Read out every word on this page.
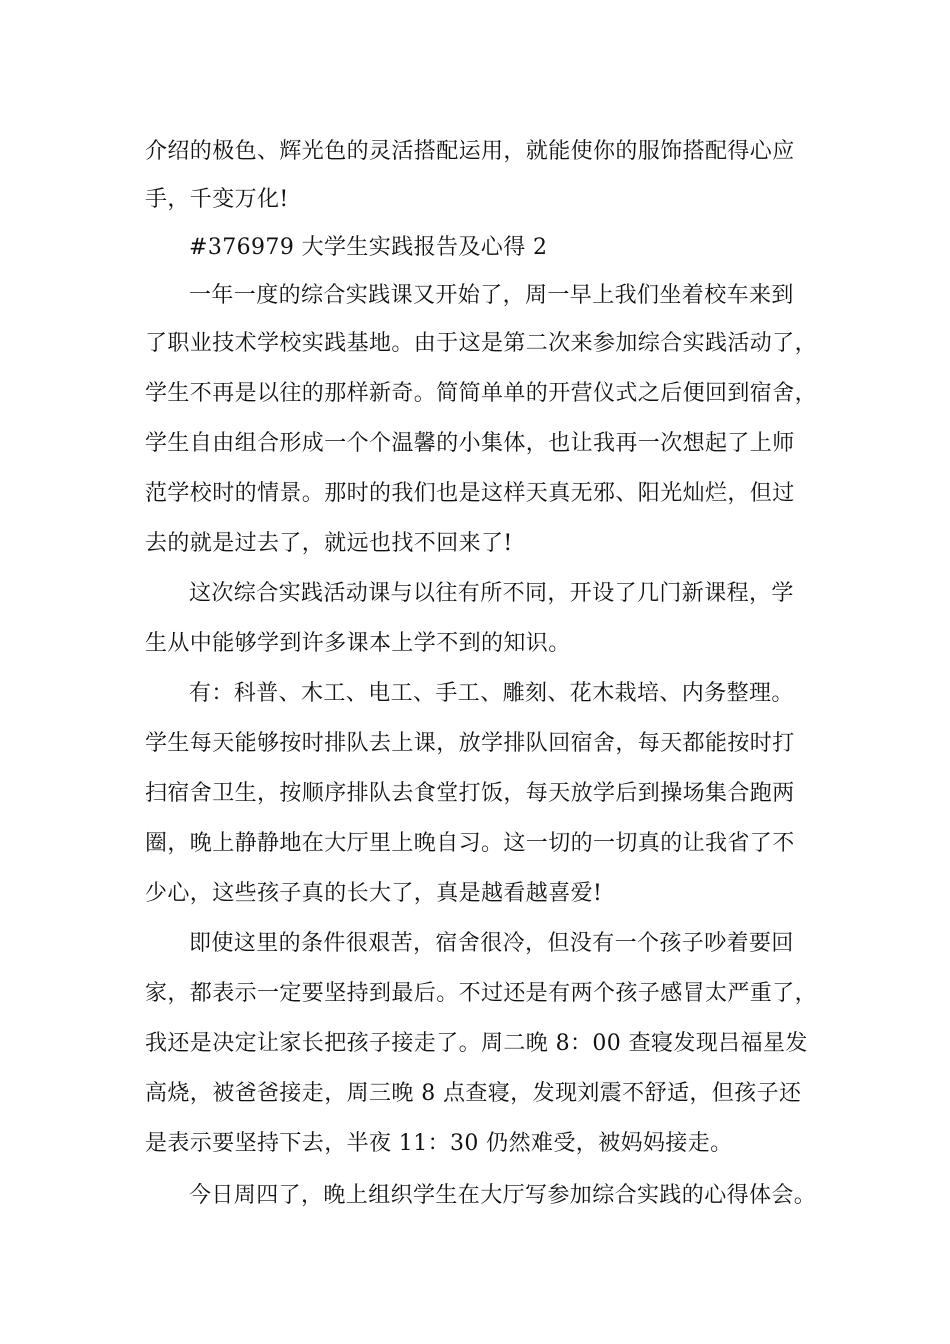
介绍的极色、辉光色的灵活搭配运用，就能使你的服饰搭配得心应
手，千变万化!
#376979 大学生实践报告及心得 2
一年一度的综合实践课又开始了，周一早上我们坐着校车来到
了职业技术学校实践基地。由于这是第二次来参加综合实践活动了，
学生不再是以往的那样新奇。简简单单的开营仪式之后便回到宿舍，
学生自由组合形成一个个温馨的小集体，也让我再一次想起了上师
范学校时的情景。那时的我们也是这样天真无邪、阳光灿烂，但过
去的就是过去了，就远也找不回来了!
这次综合实践活动课与以往有所不同，开设了几门新课程，学
生从中能够学到许多课本上学不到的知识。
有：科普、木工、电工、手工、雕刻、花木栽培、内务整理。
学生每天能够按时排队去上课，放学排队回宿舍，每天都能按时打
扫宿舍卫生，按顺序排队去食堂打饭，每天放学后到操场集合跑两
圈，晚上静静地在大厅里上晚自习。这一切的一切真的让我省了不
少心，这些孩子真的长大了，真是越看越喜爱!
即使这里的条件很艰苦，宿舍很冷，但没有一个孩子吵着要回
家，都表示一定要坚持到最后。不过还是有两个孩子感冒太严重了，
我还是决定让家长把孩子接走了。周二晚 8：00 查寝发现吕福星发
高烧，被爸爸接走，周三晚 8 点查寝，发现刘震不舒适，但孩子还
是表示要坚持下去，半夜 11：30 仍然难受，被妈妈接走。
今日周四了，晚上组织学生在大厅写参加综合实践的心得体会。
